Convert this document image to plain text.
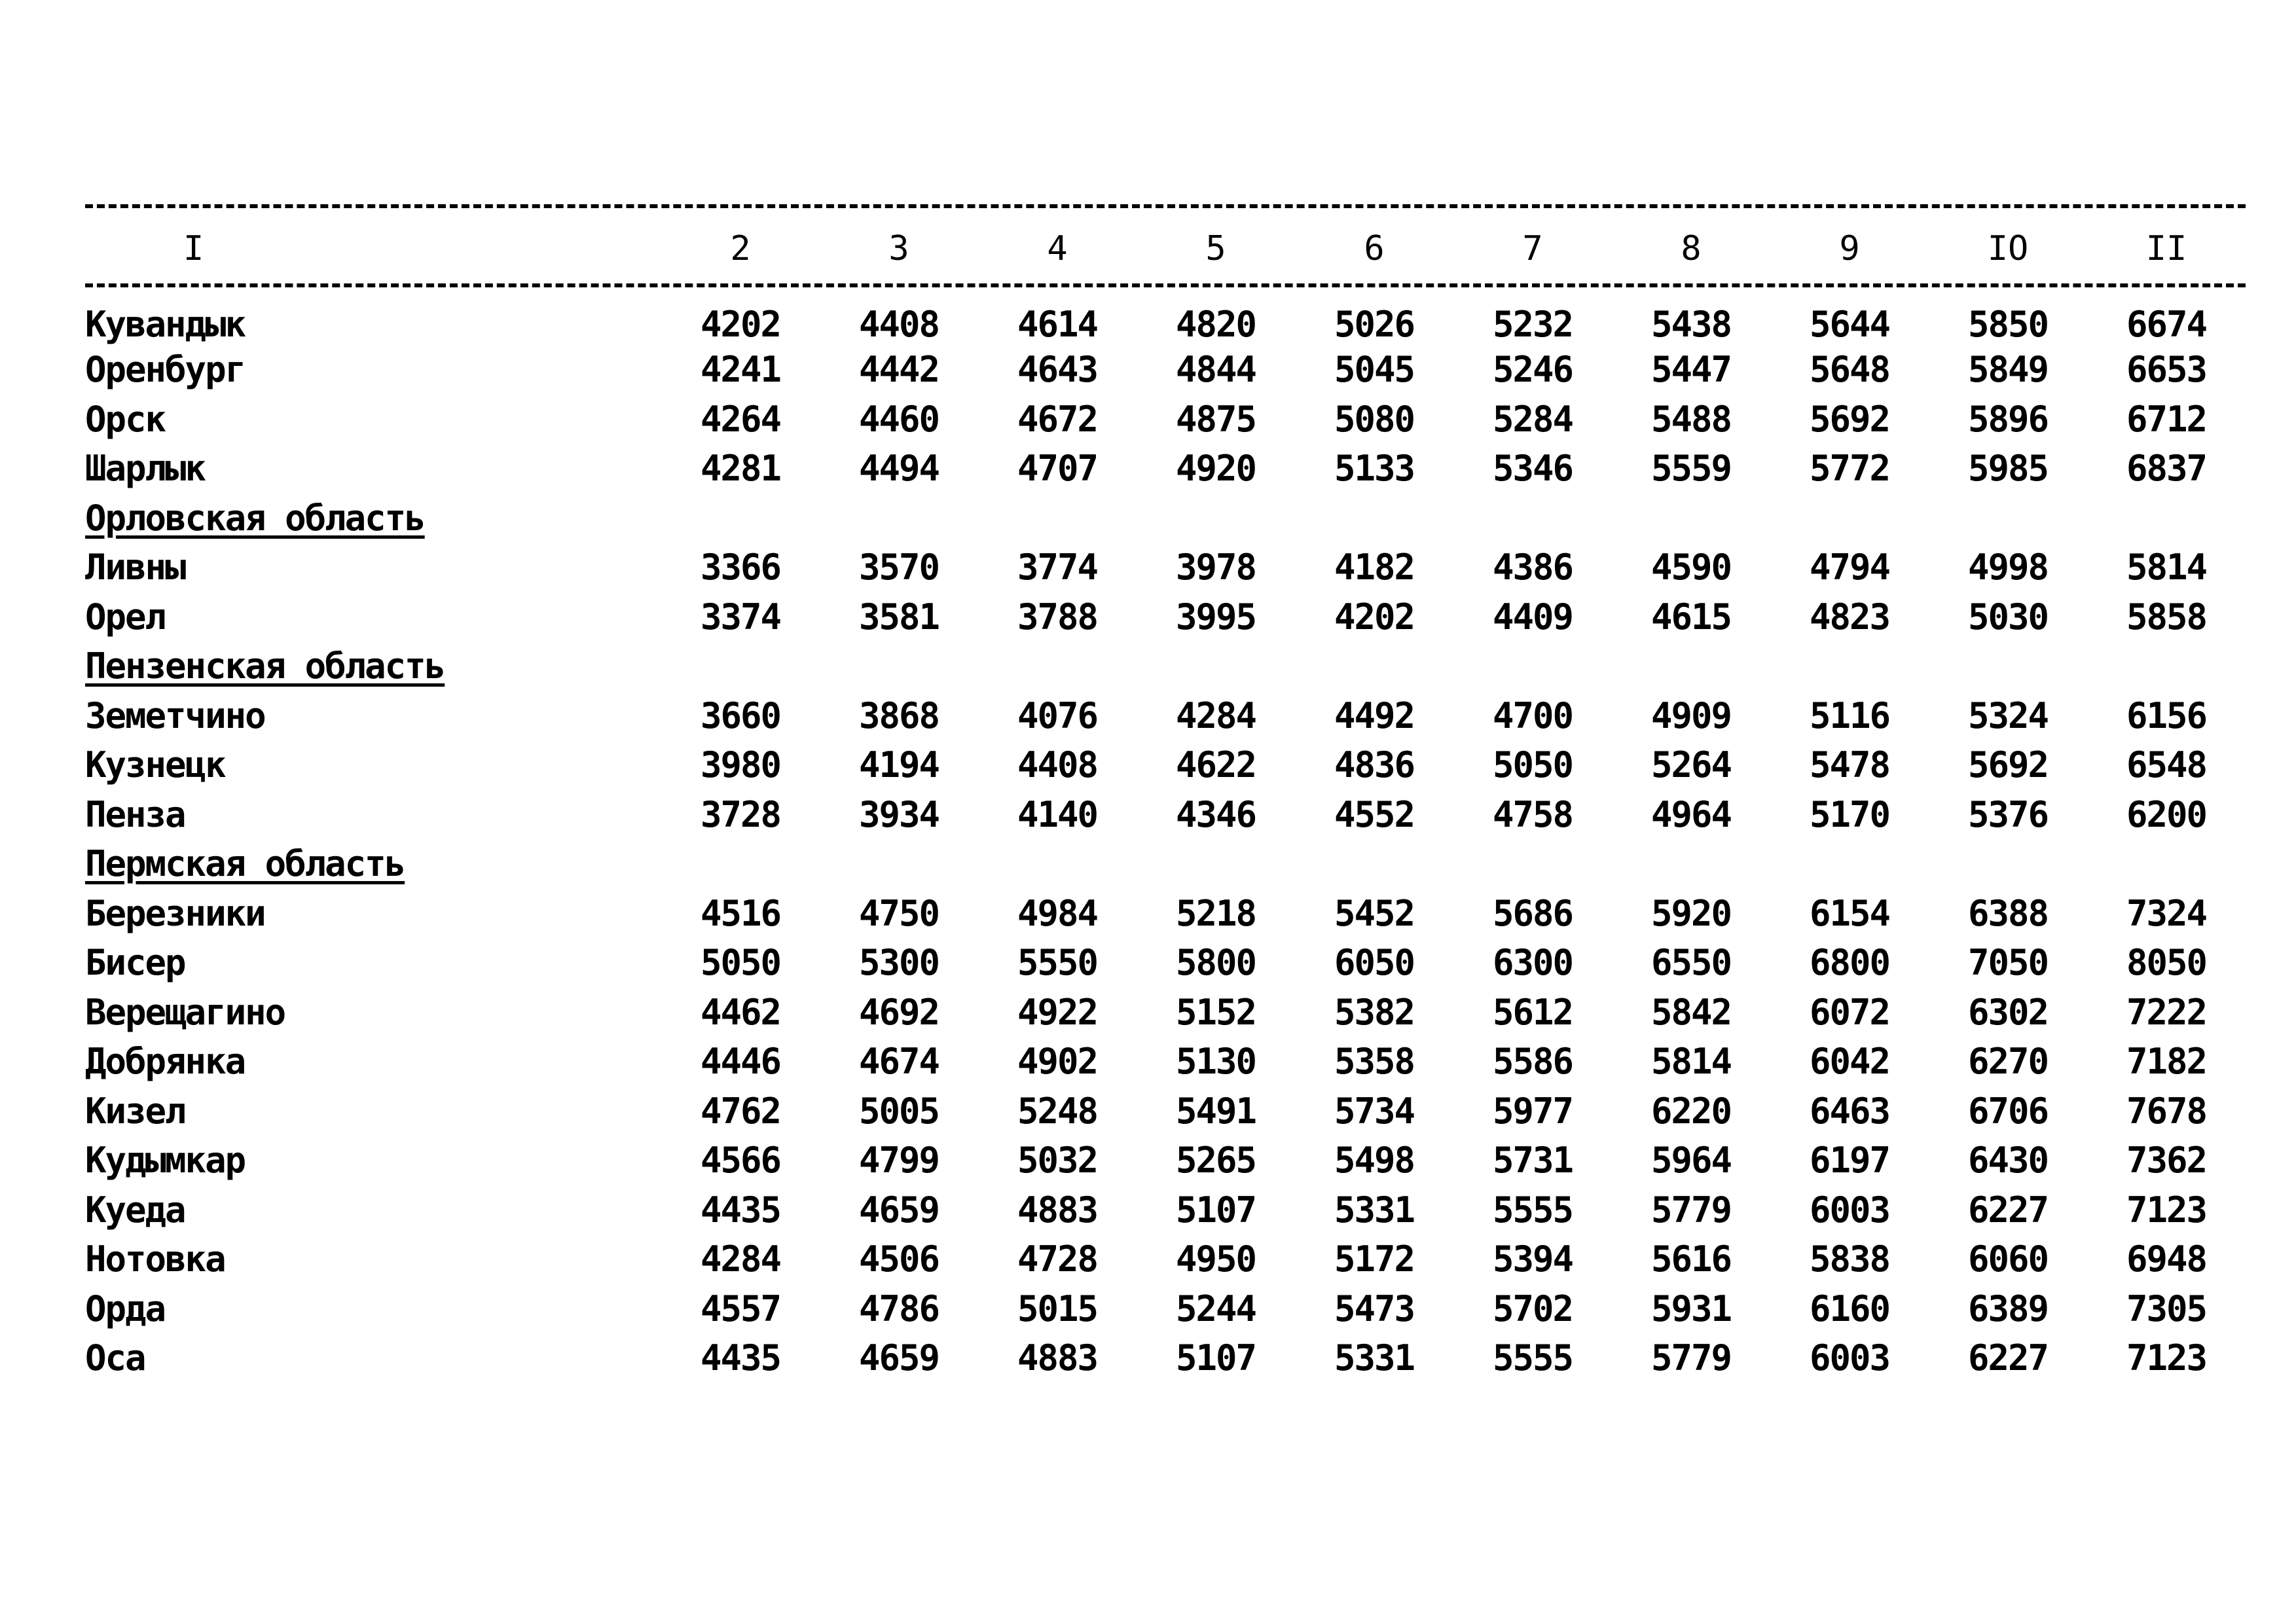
I	2	3	4	5	6	7	8	9	IO	II
Кувандык	4202	4408	4614	4820	5026	5232	5438	5644	5850	6674
Оренбург	4241	4442	4643	4844	5045	5246	5447	5648	5849	6653
Орск	4264	4460	4672	4875	5080	5284	5488	5692	5896	6712
Шарлык	4281	4494	4707	4920	5133	5346	5559	5772	5985	6837
Орловская область										
Ливны	3366	3570	3774	3978	4182	4386	4590	4794	4998	5814
Орел	3374	3581	3788	3995	4202	4409	4615	4823	5030	5858
Пензенская область										
Земетчино	3660	3868	4076	4284	4492	4700	4909	5116	5324	6156
Кузнецк	3980	4194	4408	4622	4836	5050	5264	5478	5692	6548
Пенза	3728	3934	4140	4346	4552	4758	4964	5170	5376	6200
Пермская область										
Березники	4516	4750	4984	5218	5452	5686	5920	6154	6388	7324
Бисер	5050	5300	5550	5800	6050	6300	6550	6800	7050	8050
Верещагино	4462	4692	4922	5152	5382	5612	5842	6072	6302	7222
Добрянка	4446	4674	4902	5130	5358	5586	5814	6042	6270	7182
Кизел	4762	5005	5248	5491	5734	5977	6220	6463	6706	7678
Кудымкар	4566	4799	5032	5265	5498	5731	5964	6197	6430	7362
Куеда	4435	4659	4883	5107	5331	5555	5779	6003	6227	7123
Нотовка	4284	4506	4728	4950	5172	5394	5616	5838	6060	6948
Орда	4557	4786	5015	5244	5473	5702	5931	6160	6389	7305
Оса	4435	4659	4883	5107	5331	5555	5779	6003	6227	7123
